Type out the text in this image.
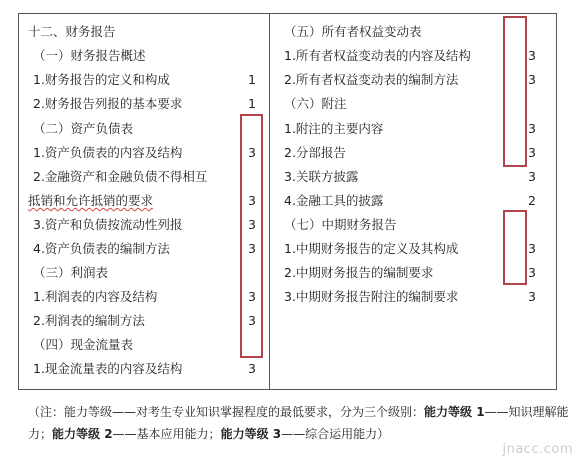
十二、财务报告
（一）财务报告概述
1.财务报告的定义和构成	1
2.财务报告列报的基本要求	1
（二）资产负债表
1.资产负债表的内容及结构	3
2.金融资产和金融负债不得相互
抵销和允许抵销的要求	3
3.资产和负债按流动性列报	3
4.资产负债表的编制方法	3
（三）利润表
1.利润表的内容及结构	3
2.利润表的编制方法	3
（四）现金流量表
1.现金流量表的内容及结构	3
（五）所有者权益变动表
1.所有者权益变动表的内容及结构	3
2.所有者权益变动表的编制方法	3
（六）附注
1.附注的主要内容	3
2.分部报告	3
3.关联方披露	3
4.金融工具的披露	2
（七）中期财务报告
1.中期财务报告的定义及其构成	3
2.中期财务报告的编制要求	3
3.中期财务报告附注的编制要求	3
（注：能力等级——对考生专业知识掌握程度的最低要求，分为三个级别：能力等级 1——知识理解能力；能力等级 2——基本应用能力；能力等级 3——综合运用能力）
jnacc.com
